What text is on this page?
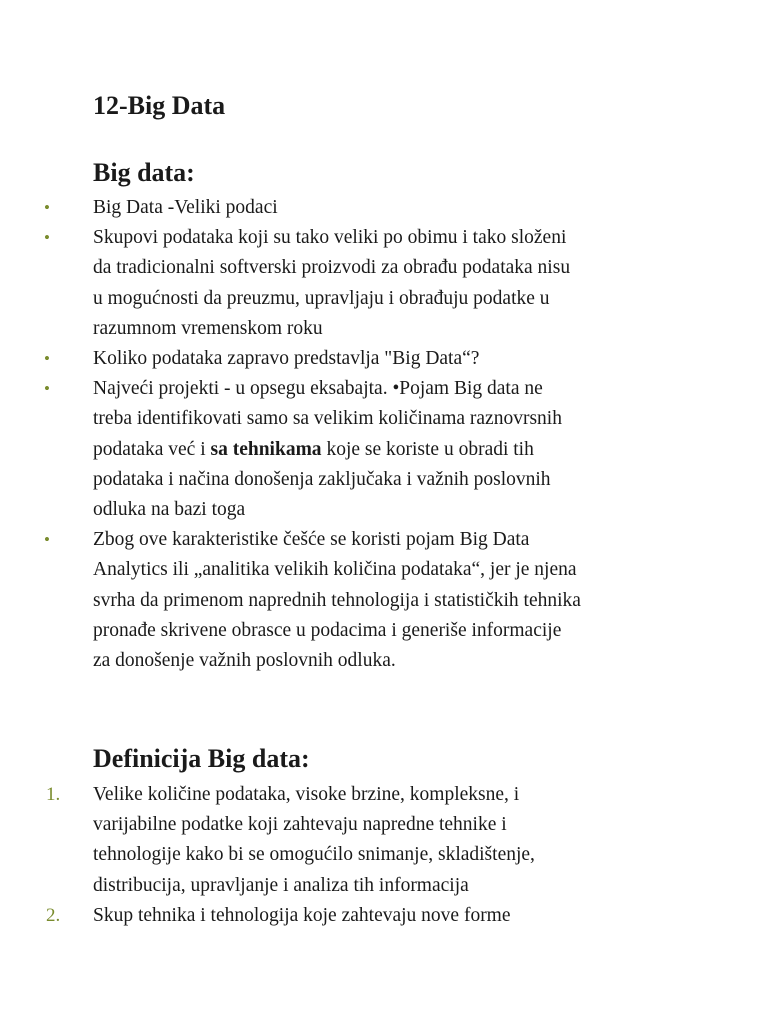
12-Big Data
Big data:
• Big Data -Veliki podaci
• Skupovi podataka koji su tako veliki po obimu i tako složeni
da tradicionalni softverski proizvodi za obrađu podataka nisu
u mogućnosti da preuzmu, upravljaju i obrađuju podatke u
razumnom vremenskom roku
• Koliko podataka zapravo predstavlja "Big Data“?
• Najveći projekti - u opsegu eksabajta. •Pojam Big data ne
treba identifikovati samo sa velikim količinama raznovrsnih
podataka već i sa tehnikama koje se koriste u obradi tih
podataka i načina donošenja zaključaka i važnih poslovnih
odluka na bazi toga
• Zbog ove karakteristike češće se koristi pojam Big Data
Analytics ili „analitika velikih količina podataka“, jer je njena
svrha da primenom naprednih tehnologija i statističkih tehnika
pronađe skrivene obrasce u podacima i generiše informacije
za donošenje važnih poslovnih odluka.
Definicija Big data:
1. Velike količine podataka, visoke brzine, kompleksne, i
varijabilne podatke koji zahtevaju napredne tehnike i
tehnologije kako bi se omogućilo snimanje, skladištenje,
distribucija, upravljanje i analiza tih informacija
2. Skup tehnika i tehnologija koje zahtevaju nove forme
